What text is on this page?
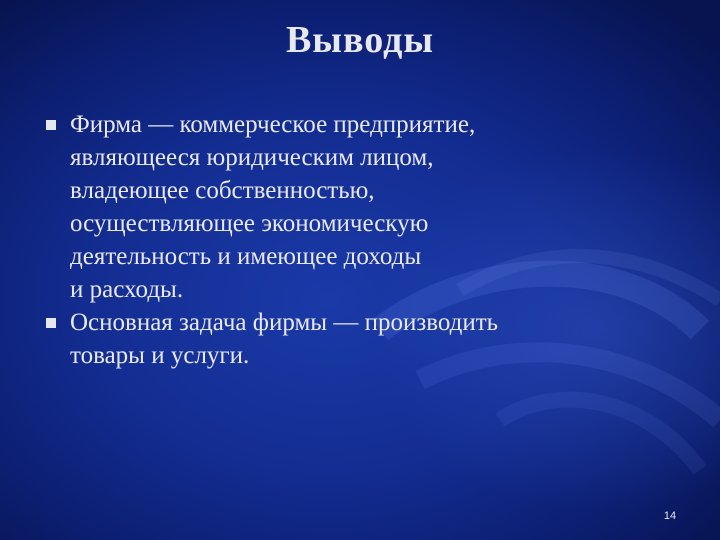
Выводы
Фирма — коммерческое предприятие,
являющееся юридическим лицом,
владеющее собственностью,
осуществляющее экономическую
деятельность и имеющее доходы
и расходы.
Основная задача фирмы — производить
товары и услуги.
14
